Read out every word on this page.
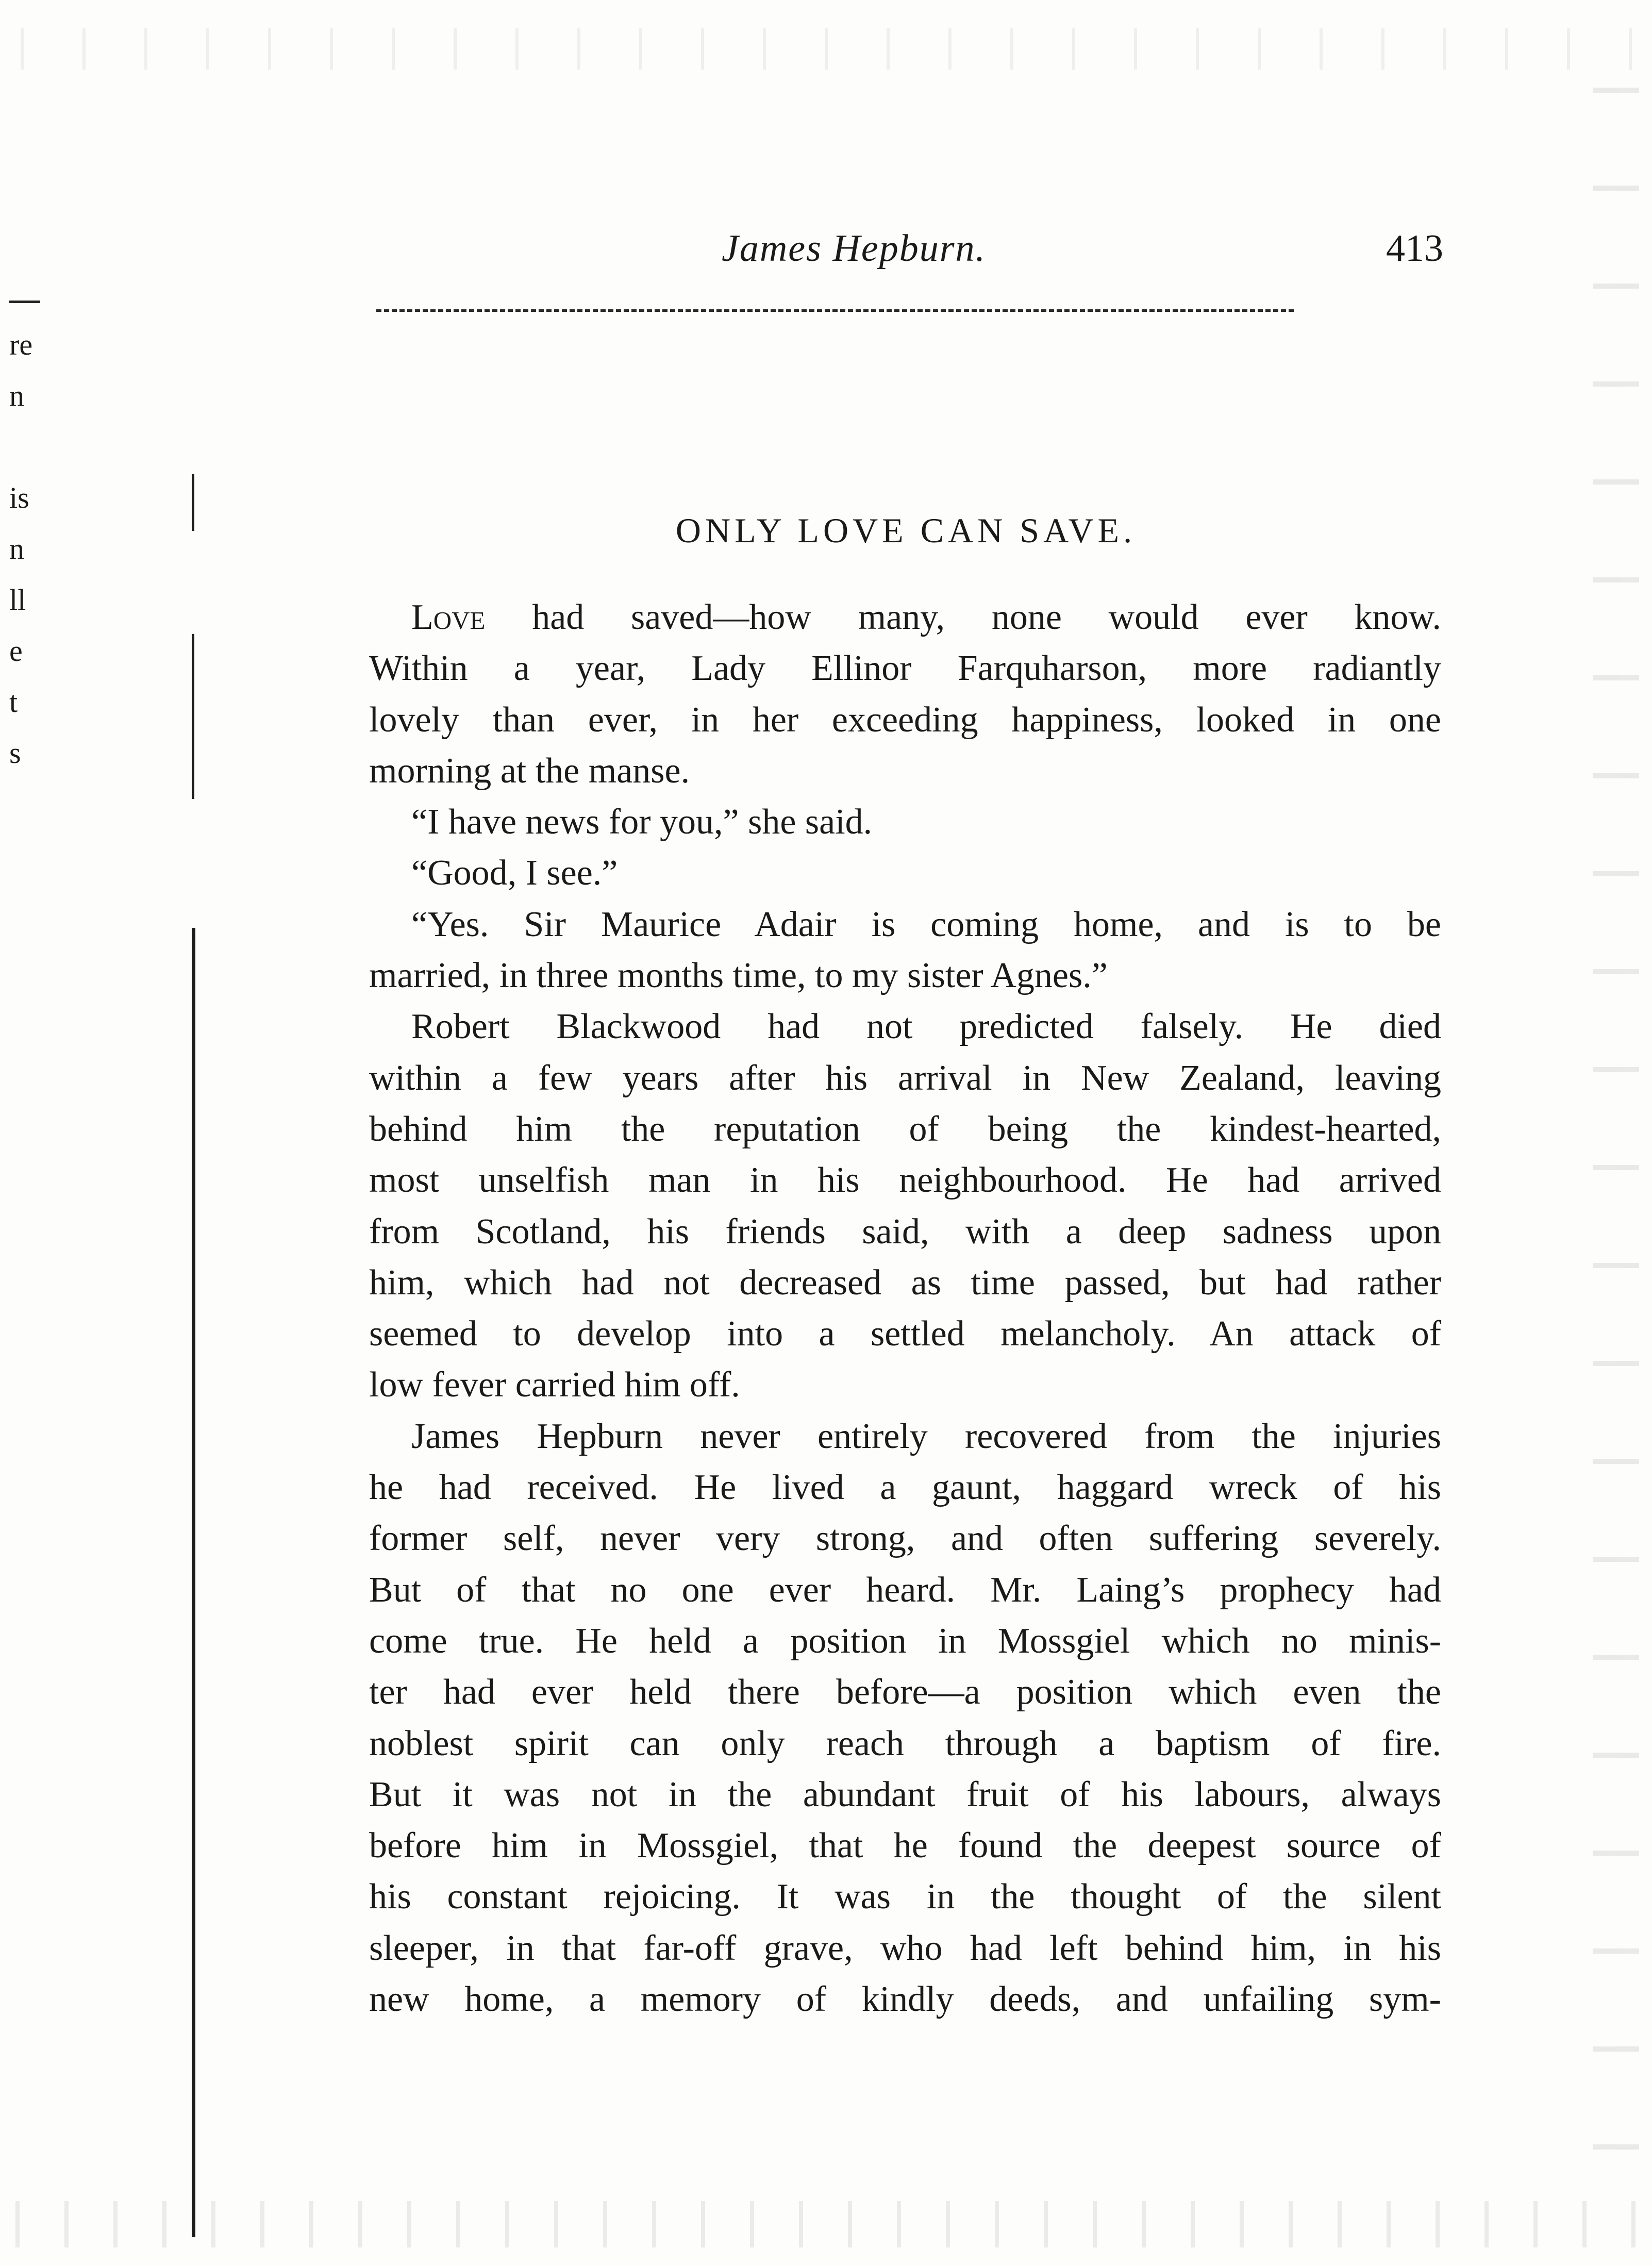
re
n
is
n
ll
e
t
s
James Hepburn.	413
ONLY LOVE CAN SAVE.
Love had saved—how many, none would ever know.
Within a year, Lady Ellinor Farquharson, more radiantly
lovely than ever, in her exceeding happiness, looked in one
morning at the manse.
“I have news for you,” she said.
“Good, I see.”
“Yes. Sir Maurice Adair is coming home, and is to be
married, in three months time, to my sister Agnes.”
Robert Blackwood had not predicted falsely. He died
within a few years after his arrival in New Zealand, leaving
behind him the reputation of being the kindest-hearted,
most unselfish man in his neighbourhood. He had arrived
from Scotland, his friends said, with a deep sadness upon
him, which had not decreased as time passed, but had rather
seemed to develop into a settled melancholy. An attack of
low fever carried him off.
James Hepburn never entirely recovered from the injuries
he had received. He lived a gaunt, haggard wreck of his
former self, never very strong, and often suffering severely.
But of that no one ever heard. Mr. Laing’s prophecy had
come true. He held a position in Mossgiel which no minis-
ter had ever held there before—a position which even the
noblest spirit can only reach through a baptism of fire.
But it was not in the abundant fruit of his labours, always
before him in Mossgiel, that he found the deepest source of
his constant rejoicing. It was in the thought of the silent
sleeper, in that far-off grave, who had left behind him, in his
new home, a memory of kindly deeds, and unfailing sym-
